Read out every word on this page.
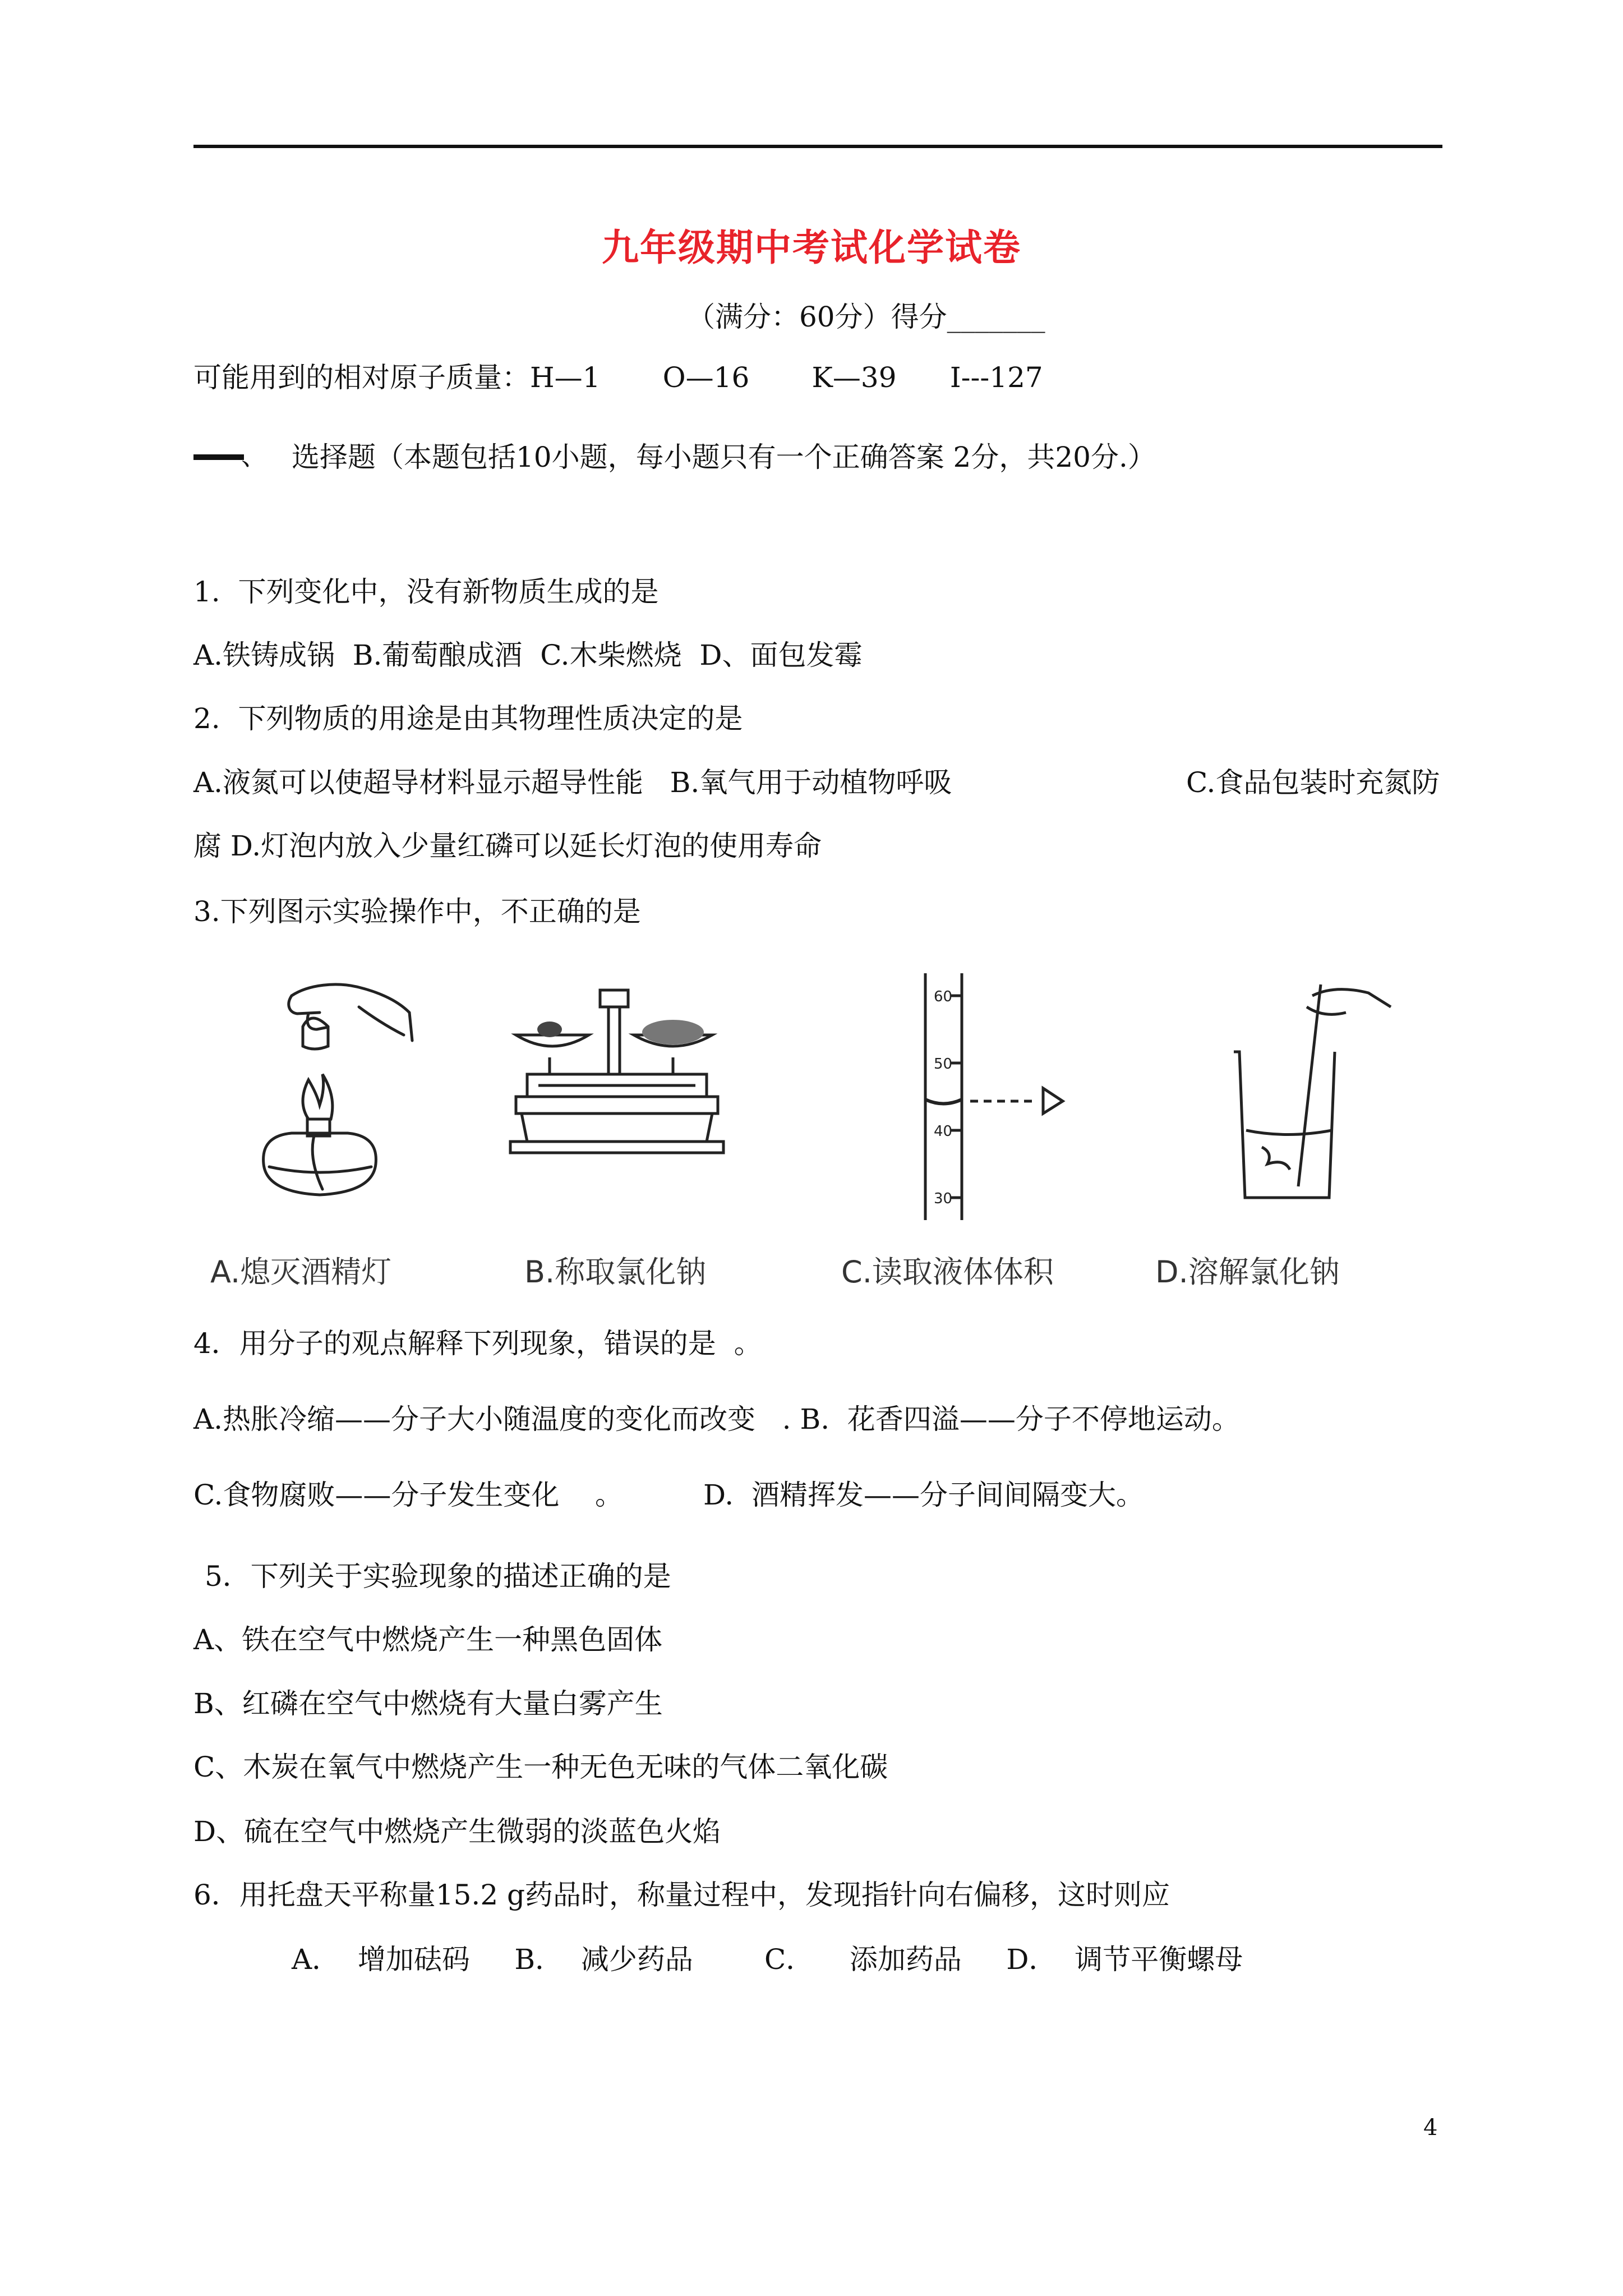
九年级期中考试化学试卷
（满分：60分）得分_______
可能用到的相对原子质量：H—1       O—16       K—39      I---127
、 选择题（本题包括10小题，每小题只有一个正确答案 2分，共20分.）
1.  下列变化中，没有新物质生成的是
A.铁铸成锅  B.葡萄酿成酒  C.木柴燃烧  D、面包发霉
2.  下列物质的用途是由其物理性质决定的是
A.液氮可以使超导材料显示超导性能   B.氧气用于动植物呼吸	C.食品包装时充氮防
腐 D.灯泡内放入少量红磷可以延长灯泡的使用寿命
3.下列图示实验操作中，不正确的是
60
50
40
30
A.熄灭酒精灯	B.称取氯化钠	C.读取液体体积	D.溶解氯化钠
4．用分子的观点解释下列现象，错误的是  。
A.热胀冷缩——分子大小随温度的变化而改变   . B.  花香四溢——分子不停地运动。
C.食物腐败——分子发生变化    。         D.  酒精挥发——分子间间隔变大。
5．下列关于实验现象的描述正确的是
A、铁在空气中燃烧产生一种黑色固体
B、红磷在空气中燃烧有大量白雾产生
C、木炭在氧气中燃烧产生一种无色无味的气体二氧化碳
D、硫在空气中燃烧产生微弱的淡蓝色火焰
6．用托盘天平称量15.2 g药品时，称量过程中，发现指针向右偏移，这时则应
A．  增加砝码     B．  减少药品        C．    添加药品     D．  调节平衡螺母
4
